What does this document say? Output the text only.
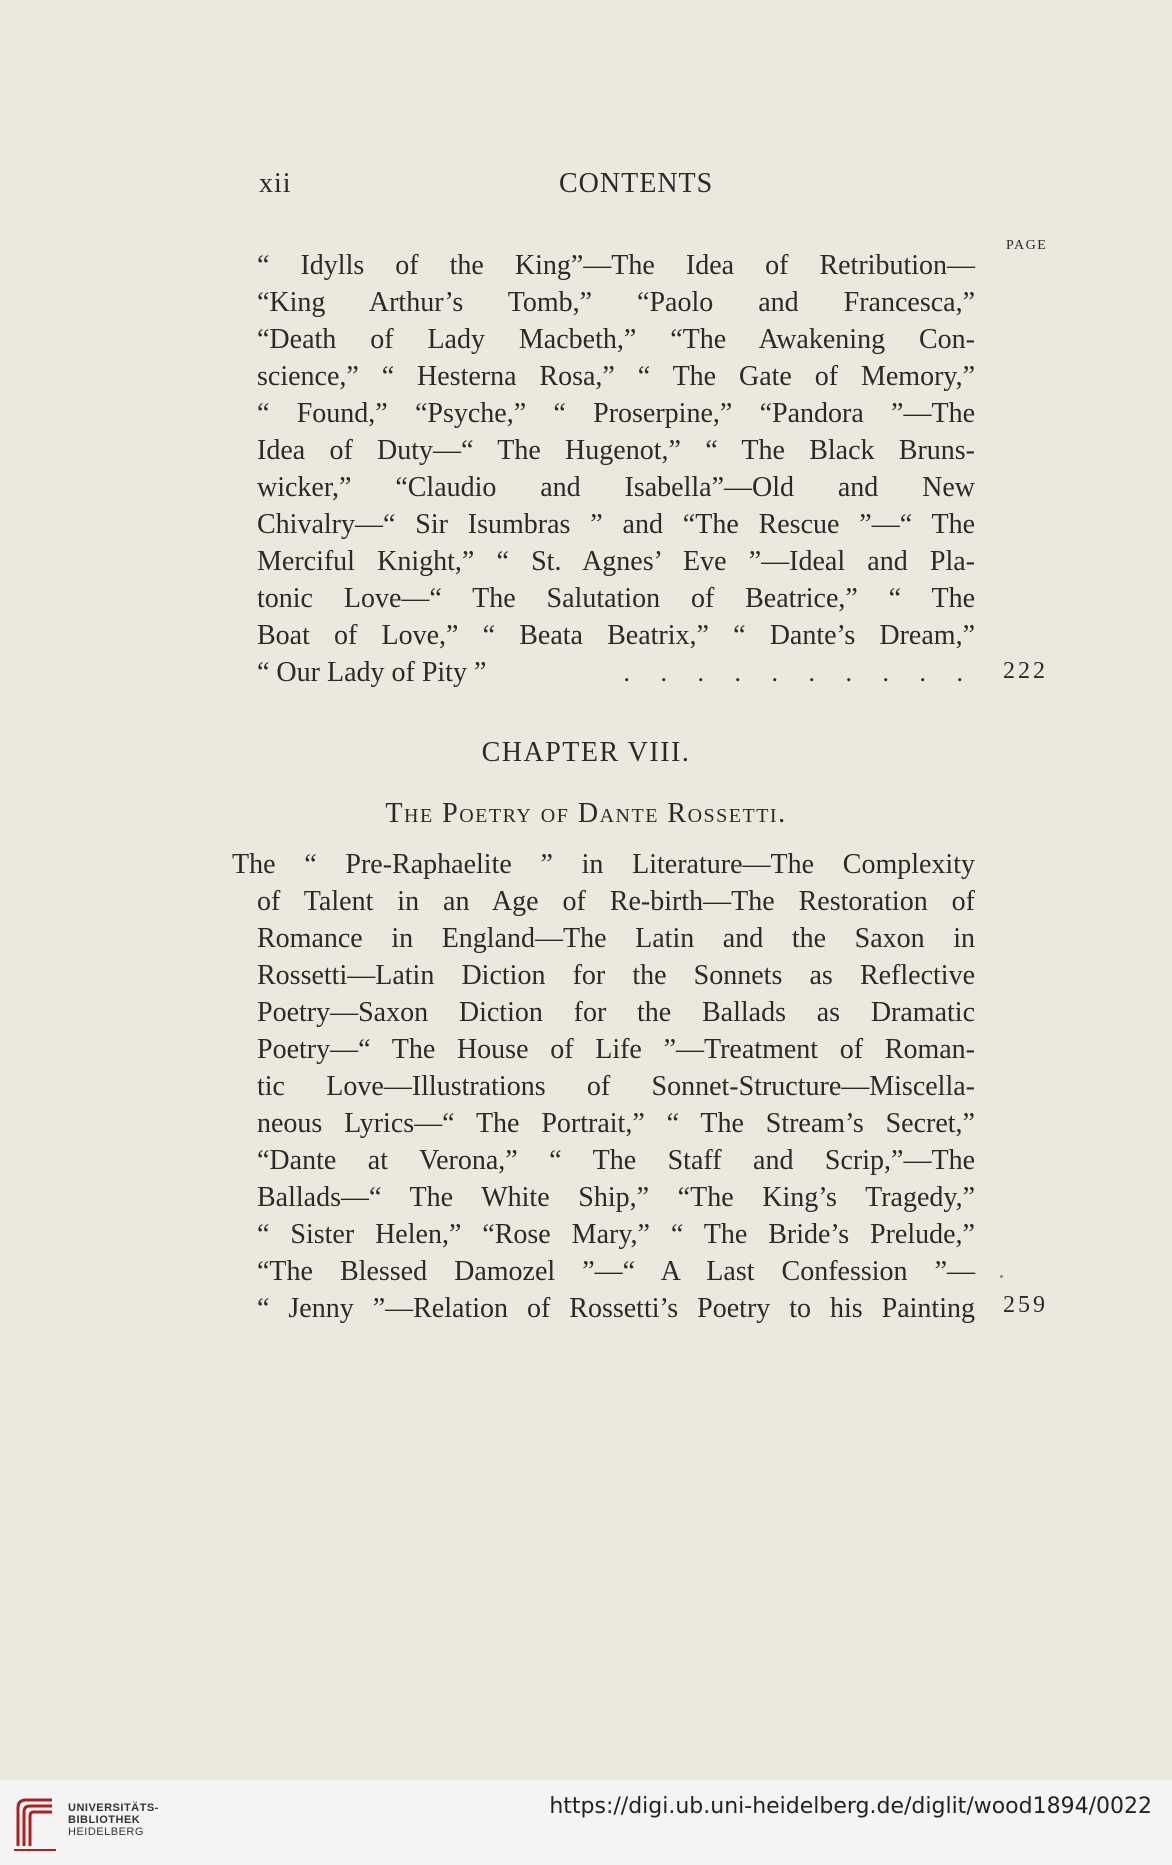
xii	CONTENTS
PAGE
“ Idylls of the King”—The Idea of Retribution—
“King Arthur’s Tomb,” “Paolo and Francesca,”
“Death of Lady Macbeth,” “The Awakening Con-
science,” “ Hesterna Rosa,” “ The Gate of Memory,”
“ Found,” “Psyche,” “ Proserpine,” “Pandora ”—The
Idea of Duty—“ The Hugenot,” “ The Black Bruns-
wicker,” “Claudio and Isabella”—Old and New
Chivalry—“ Sir Isumbras ” and “The Rescue ”—“ The
Merciful Knight,” “ St. Agnes’ Eve ”—Ideal and Pla-
tonic Love—“ The Salutation of Beatrice,” “ The
Boat of Love,” “ Beata Beatrix,” “ Dante’s Dream,”
“ Our Lady of Pity ”	. . . . . . . . . . 222
CHAPTER VIII.
The Poetry of Dante Rossetti.
The “ Pre-Raphaelite ” in Literature—The Complexity
of Talent in an Age of Re-birth—The Restoration of
Romance in England—The Latin and the Saxon in
Rossetti—Latin Diction for the Sonnets as Reflective
Poetry—Saxon Diction for the Ballads as Dramatic
Poetry—“ The House of Life ”—Treatment of Roman-
tic Love—Illustrations of Sonnet-Structure—Miscella-
neous Lyrics—“ The Portrait,” “ The Stream’s Secret,”
“Dante at Verona,” “ The Staff and Scrip,”—The
Ballads—“ The White Ship,” “The King’s Tragedy,”
“ Sister Helen,” “Rose Mary,” “ The Bride’s Prelude,”
“The Blessed Damozel ”—“ A Last Confession ”—
“ Jenny ”—Relation of Rossetti’s Poetry to his Painting 259
UNIVERSITÄTS-
BIBLIOTHEK
HEIDELBERG
https://digi.ub.uni-heidelberg.de/diglit/wood1894/0022
